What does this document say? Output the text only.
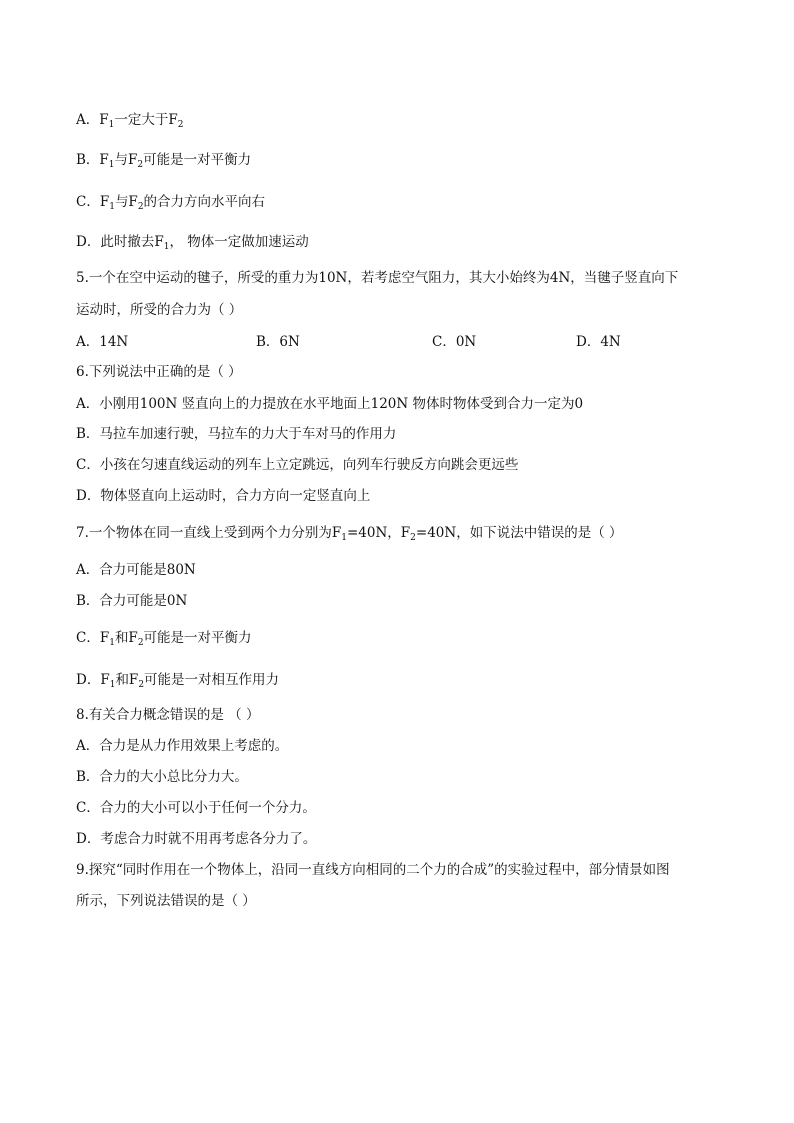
A．$F_1$一定大于$F_2$
B．$F_1$与$F_2$可能是一对平衡力
C．$F_1$与$F_2$的合力方向水平向右
D．此时撤去$F_1$， 物体一定做加速运动
5.一个在空中运动的毽子，所受的重力为10N，若考虑空气阻力，其大小始终为4N，当毽子竖直向下
运动时，所受的合力为（ ）
A．14N	B．6N	C．0N	D．4N
6.下列说法中正确的是（ ）
A．小刚用100N 竖直向上的力提放在水平地面上120N 物体时物体受到合力一定为0
B．马拉车加速行驶，马拉车的力大于车对马的作用力
C．小孩在匀速直线运动的列车上立定跳远，向列车行驶反方向跳会更远些
D．物体竖直向上运动时，合力方向一定竖直向上
7.一个物体在同一直线上受到两个力分别为$F_1=40N$，$F_2=40N$，如下说法中错误的是（ ）
A．合力可能是80N
B．合力可能是0N
C．$F_1$和$F_2$可能是一对平衡力
D．$F_1$和$F_2$可能是一对相互作用力
8.有关合力概念错误的是 （ ）
A．合力是从力作用效果上考虑的。
B．合力的大小总比分力大。
C．合力的大小可以小于任何一个分力。
D．考虑合力时就不用再考虑各分力了。
9.探究“同时作用在一个物体上，沿同一直线方向相同的二个力的合成”的实验过程中，部分情景如图
所示，下列说法错误的是（ ）
